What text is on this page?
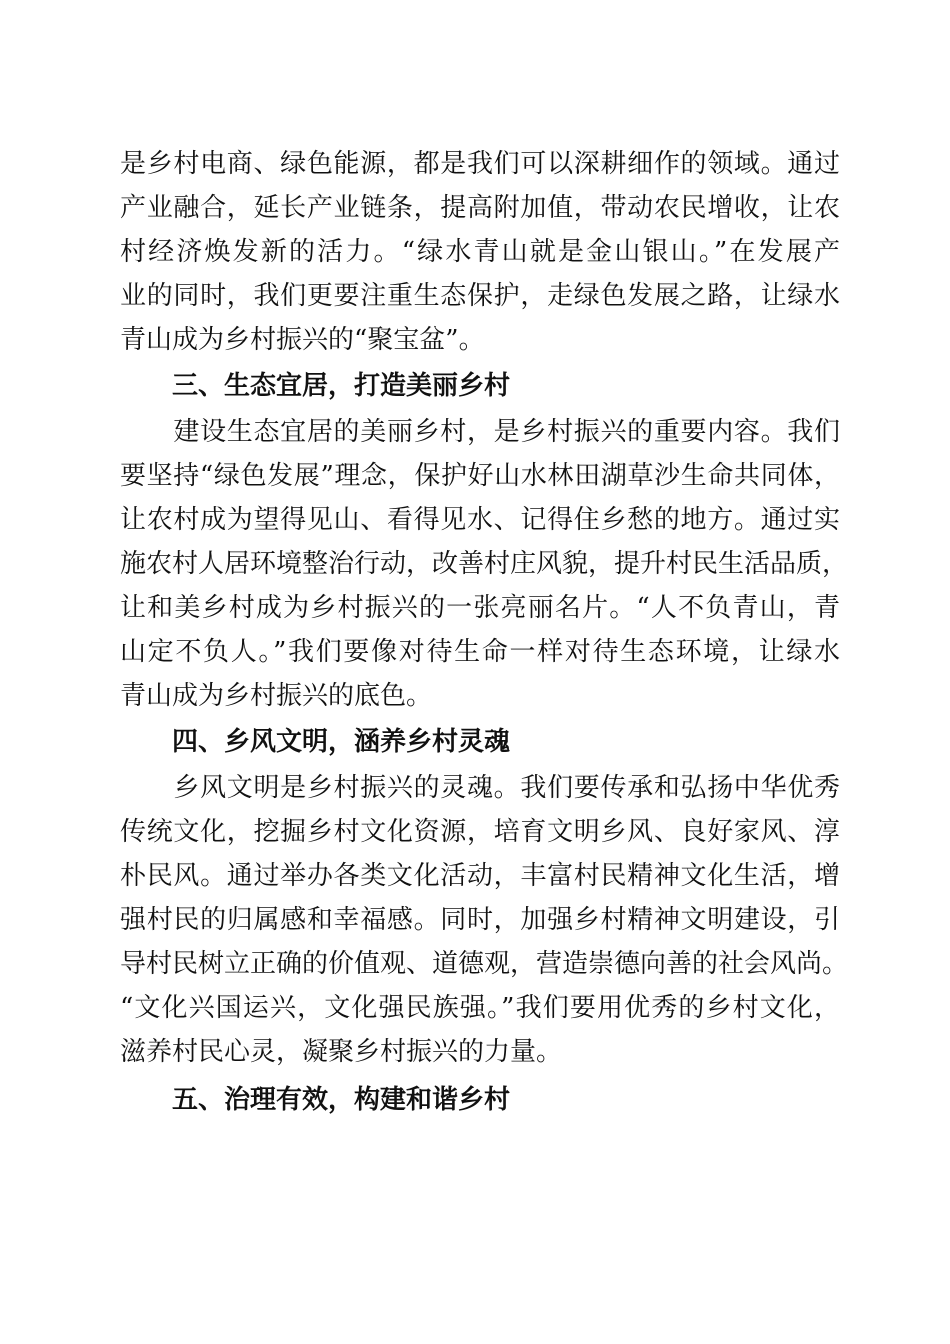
是乡村电商、绿色能源，都是我们可以深耕细作的领域。通过
产业融合，延长产业链条，提高附加值，带动农民增收，让农
村经济焕发新的活力。“绿水青山就是金山银山。”在发展产
业的同时，我们更要注重生态保护，走绿色发展之路，让绿水
青山成为乡村振兴的“聚宝盆”。
三、生态宜居，打造美丽乡村
　　建设生态宜居的美丽乡村，是乡村振兴的重要内容。我们
要坚持“绿色发展”理念，保护好山水林田湖草沙生命共同体，
让农村成为望得见山、看得见水、记得住乡愁的地方。通过实
施农村人居环境整治行动，改善村庄风貌，提升村民生活品质，
让和美乡村成为乡村振兴的一张亮丽名片。“人不负青山，青
山定不负人。”我们要像对待生命一样对待生态环境，让绿水
青山成为乡村振兴的底色。
四、乡风文明，涵养乡村灵魂
　　乡风文明是乡村振兴的灵魂。我们要传承和弘扬中华优秀
传统文化，挖掘乡村文化资源，培育文明乡风、良好家风、淳
朴民风。通过举办各类文化活动，丰富村民精神文化生活，增
强村民的归属感和幸福感。同时，加强乡村精神文明建设，引
导村民树立正确的价值观、道德观，营造崇德向善的社会风尚。
“文化兴国运兴，文化强民族强。”我们要用优秀的乡村文化，
滋养村民心灵，凝聚乡村振兴的力量。
五、治理有效，构建和谐乡村
